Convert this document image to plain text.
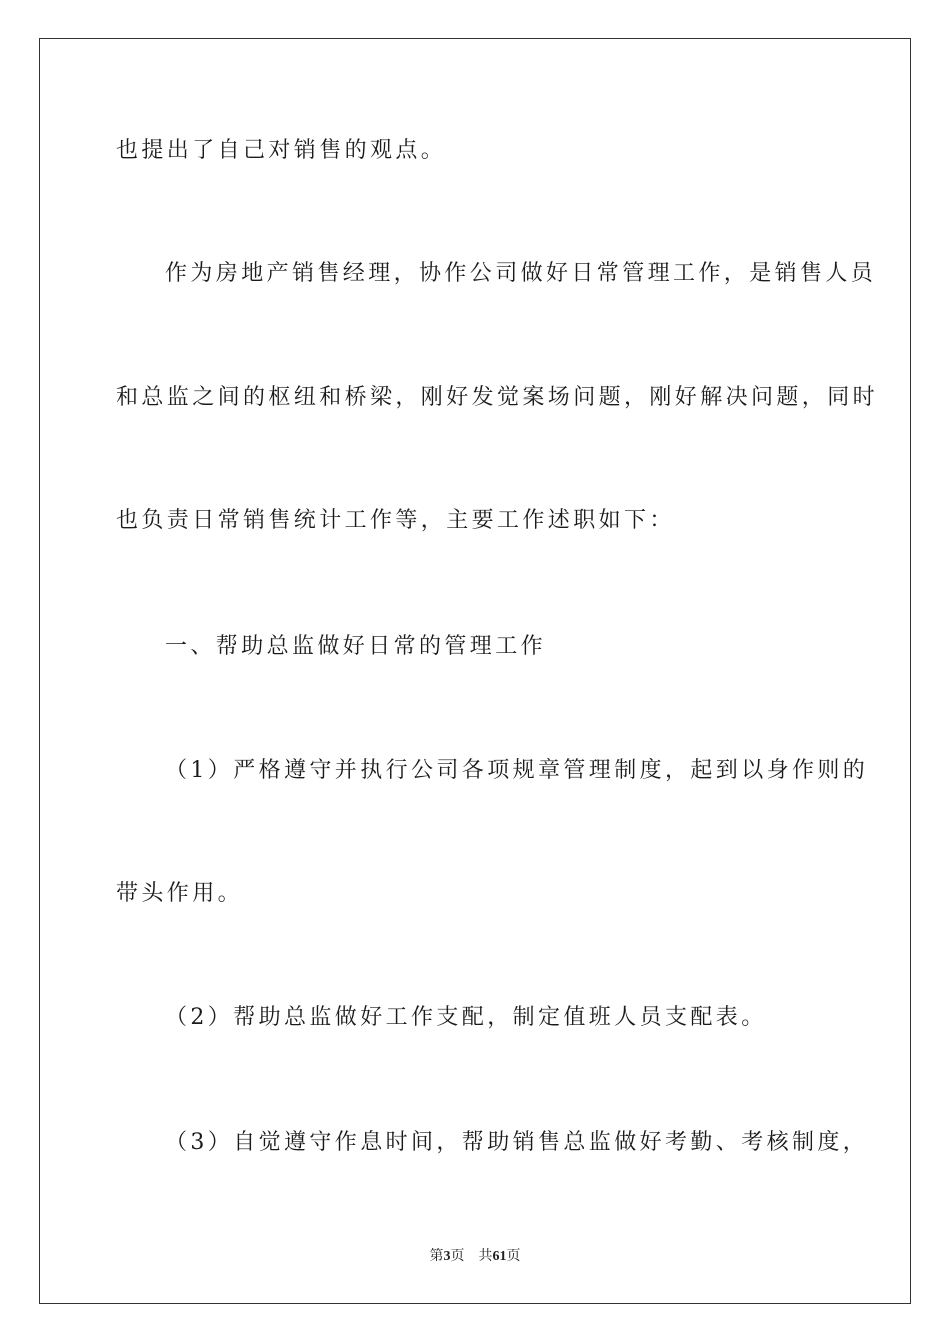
也提出了自己对销售的观点。

作为房地产销售经理，协作公司做好日常管理工作，是销售人员

和总监之间的枢纽和桥梁，刚好发觉案场问题，刚好解决问题，同时

也负责日常销售统计工作等，主要工作述职如下：

一、帮助总监做好日常的管理工作

（1）严格遵守并执行公司各项规章管理制度，起到以身作则的

带头作用。

（2）帮助总监做好工作支配，制定值班人员支配表。

（3）自觉遵守作息时间，帮助销售总监做好考勤、考核制度，

第3页 共61页
